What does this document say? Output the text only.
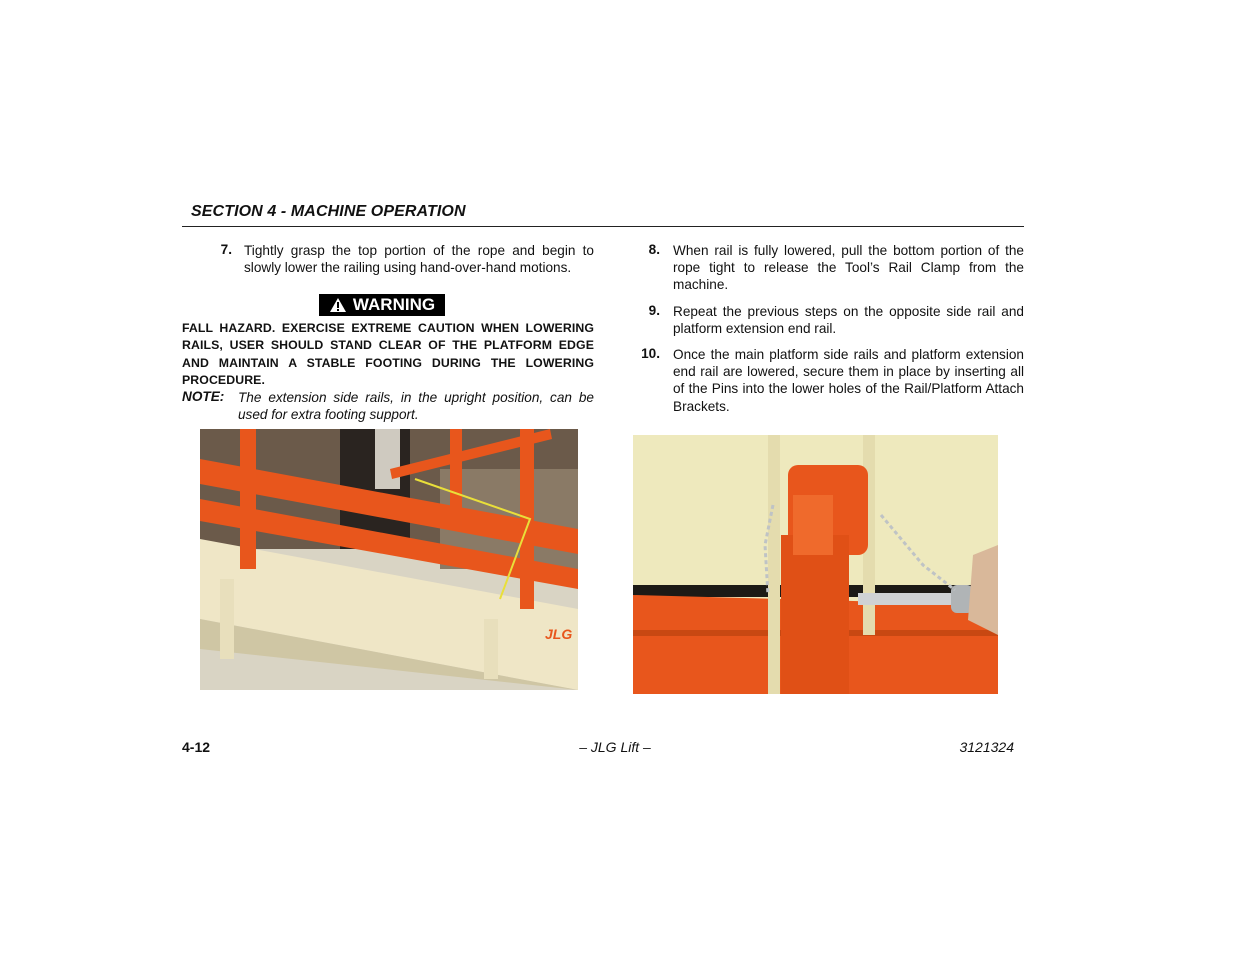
SECTION 4 - MACHINE OPERATION
7. Tightly grasp the top portion of the rope and begin to slowly lower the railing using hand-over-hand motions.
WARNING
FALL HAZARD. EXERCISE EXTREME CAUTION WHEN LOWERING RAILS, USER SHOULD STAND CLEAR OF THE PLATFORM EDGE AND MAINTAIN A STABLE FOOTING DURING THE LOWERING PROCEDURE.
NOTE: The extension side rails, in the upright position, can be used for extra footing support.
JLG
8. When rail is fully lowered, pull the bottom portion of the rope tight to release the Tool’s Rail Clamp from the machine.
9. Repeat the previous steps on the opposite side rail and platform extension end rail.
10. Once the main platform side rails and platform extension end rail are lowered, secure them in place by inserting all of the Pins into the lower holes of the Rail/Platform Attach Brackets.
4-12	– JLG Lift –	3121324
